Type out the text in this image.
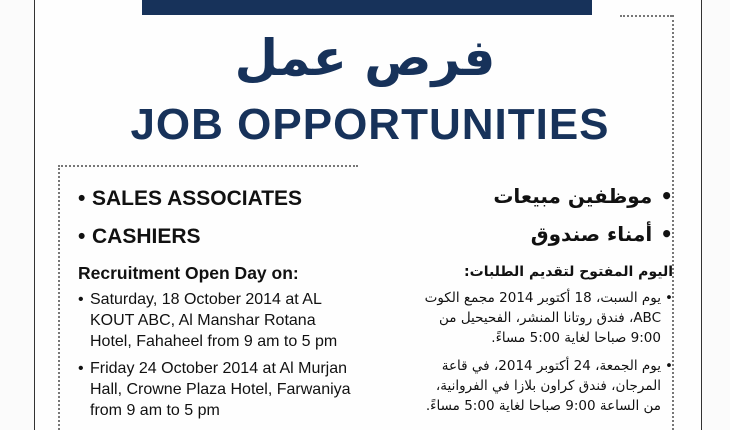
فرص عمل
JOB OPPORTUNITIES
• SALES ASSOCIATES
• CASHIERS
Recruitment Open Day on:
• Saturday, 18 October 2014 at AL
KOUT ABC, Al Manshar Rotana
Hotel, Fahaheel from 9 am to 5 pm
• Friday 24 October 2014 at Al Murjan
Hall, Crowne Plaza Hotel, Farwaniya
from 9 am to 5 pm
•موظفين مبيعات
•أمناء صندوق
اليوم المفتوح لتقديم الطلبات:
•
يوم السبت، 18 أكتوبر 2014 مجمع الكوت
ABC، فندق روتانا المنشر، الفحيحيل من
9:00 صباحا لغاية 5:00 مساءً.
•
يوم الجمعة، 24 أكتوبر 2014، في قاعة
المرجان، فندق كراون بلازا في الفروانية،
من الساعة 9:00 صباحا لغاية 5:00 مساءً.
